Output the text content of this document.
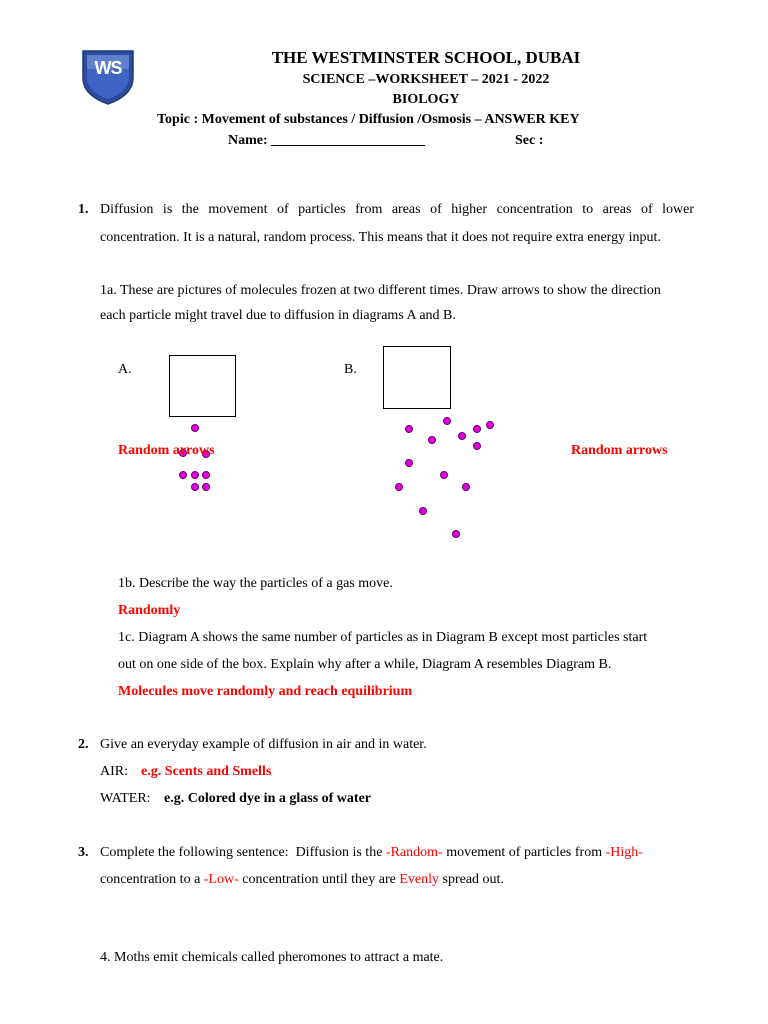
WS
THE WESTMINSTER SCHOOL, DUBAI
SCIENCE –WORKSHEET – 2021 - 2022
BIOLOGY
Topic : Movement of substances / Diffusion /Osmosis – ANSWER KEY
Name: ______________________	Sec :
1. Diffusion is the movement of particles from areas of higher concentration to areas of lower
concentration. It is a natural, random process. This means that it does not require extra energy input.
1a. These are pictures of molecules frozen at two different times. Draw arrows to show the direction
each particle might travel due to diffusion in diagrams A and B.
A.	B.
Random arrows	Random arrows
1b. Describe the way the particles of a gas move.
Randomly
1c. Diagram A shows the same number of particles as in Diagram B except most particles start
out on one side of the box. Explain why after a while, Diagram A resembles Diagram B.
Molecules move randomly and reach equilibrium
2. Give an everyday example of diffusion in air and in water.
AIR: e.g. Scents and Smells
WATER: e.g. Colored dye in a glass of water
3. Complete the following sentence:  Diffusion is the -Random- movement of particles from -High-
concentration to a -Low- concentration until they are Evenly spread out.
4. Moths emit chemicals called pheromones to attract a mate.
